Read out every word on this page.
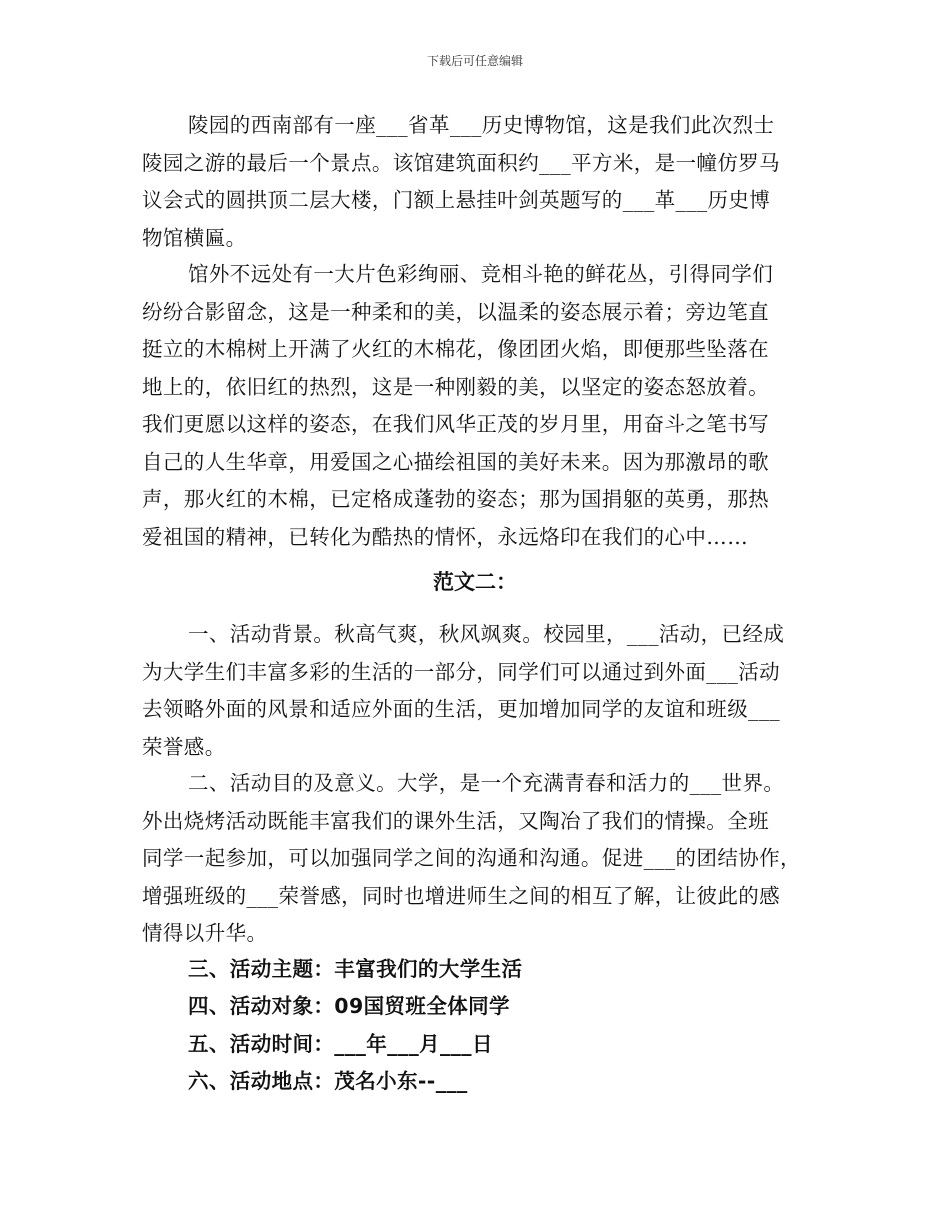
下载后可任意编辑
陵园的西南部有一座___省革___历史博物馆，这是我们此次烈士
陵园之游的最后一个景点。该馆建筑面积约___平方米，是一幢仿罗马
议会式的圆拱顶二层大楼，门额上悬挂叶剑英题写的___革___历史博
物馆横匾。
馆外不远处有一大片色彩绚丽、竞相斗艳的鲜花丛，引得同学们
纷纷合影留念，这是一种柔和的美，以温柔的姿态展示着；旁边笔直
挺立的木棉树上开满了火红的木棉花，像团团火焰，即便那些坠落在
地上的，依旧红的热烈，这是一种刚毅的美，以坚定的姿态怒放着。
我们更愿以这样的姿态，在我们风华正茂的岁月里，用奋斗之笔书写
自己的人生华章，用爱国之心描绘祖国的美好未来。因为那激昂的歌
声，那火红的木棉，已定格成蓬勃的姿态；那为国捐躯的英勇，那热
爱祖国的精神，已转化为酷热的情怀，永远烙印在我们的心中……
范文二：
一、活动背景。秋高气爽，秋风飒爽。校园里，___活动，已经成
为大学生们丰富多彩的生活的一部分，同学们可以通过到外面___活动
去领略外面的风景和适应外面的生活，更加增加同学的友谊和班级___
荣誉感。
二、活动目的及意义。大学，是一个充满青春和活力的___世界。
外出烧烤活动既能丰富我们的课外生活，又陶冶了我们的情操。全班
同学一起参加，可以加强同学之间的沟通和沟通。促进___的团结协作，
增强班级的___荣誉感，同时也增进师生之间的相互了解，让彼此的感
情得以升华。
三、活动主题：丰富我们的大学生活
四、活动对象：09国贸班全体同学
五、活动时间：___年___月___日
六、活动地点：茂名小东--___
